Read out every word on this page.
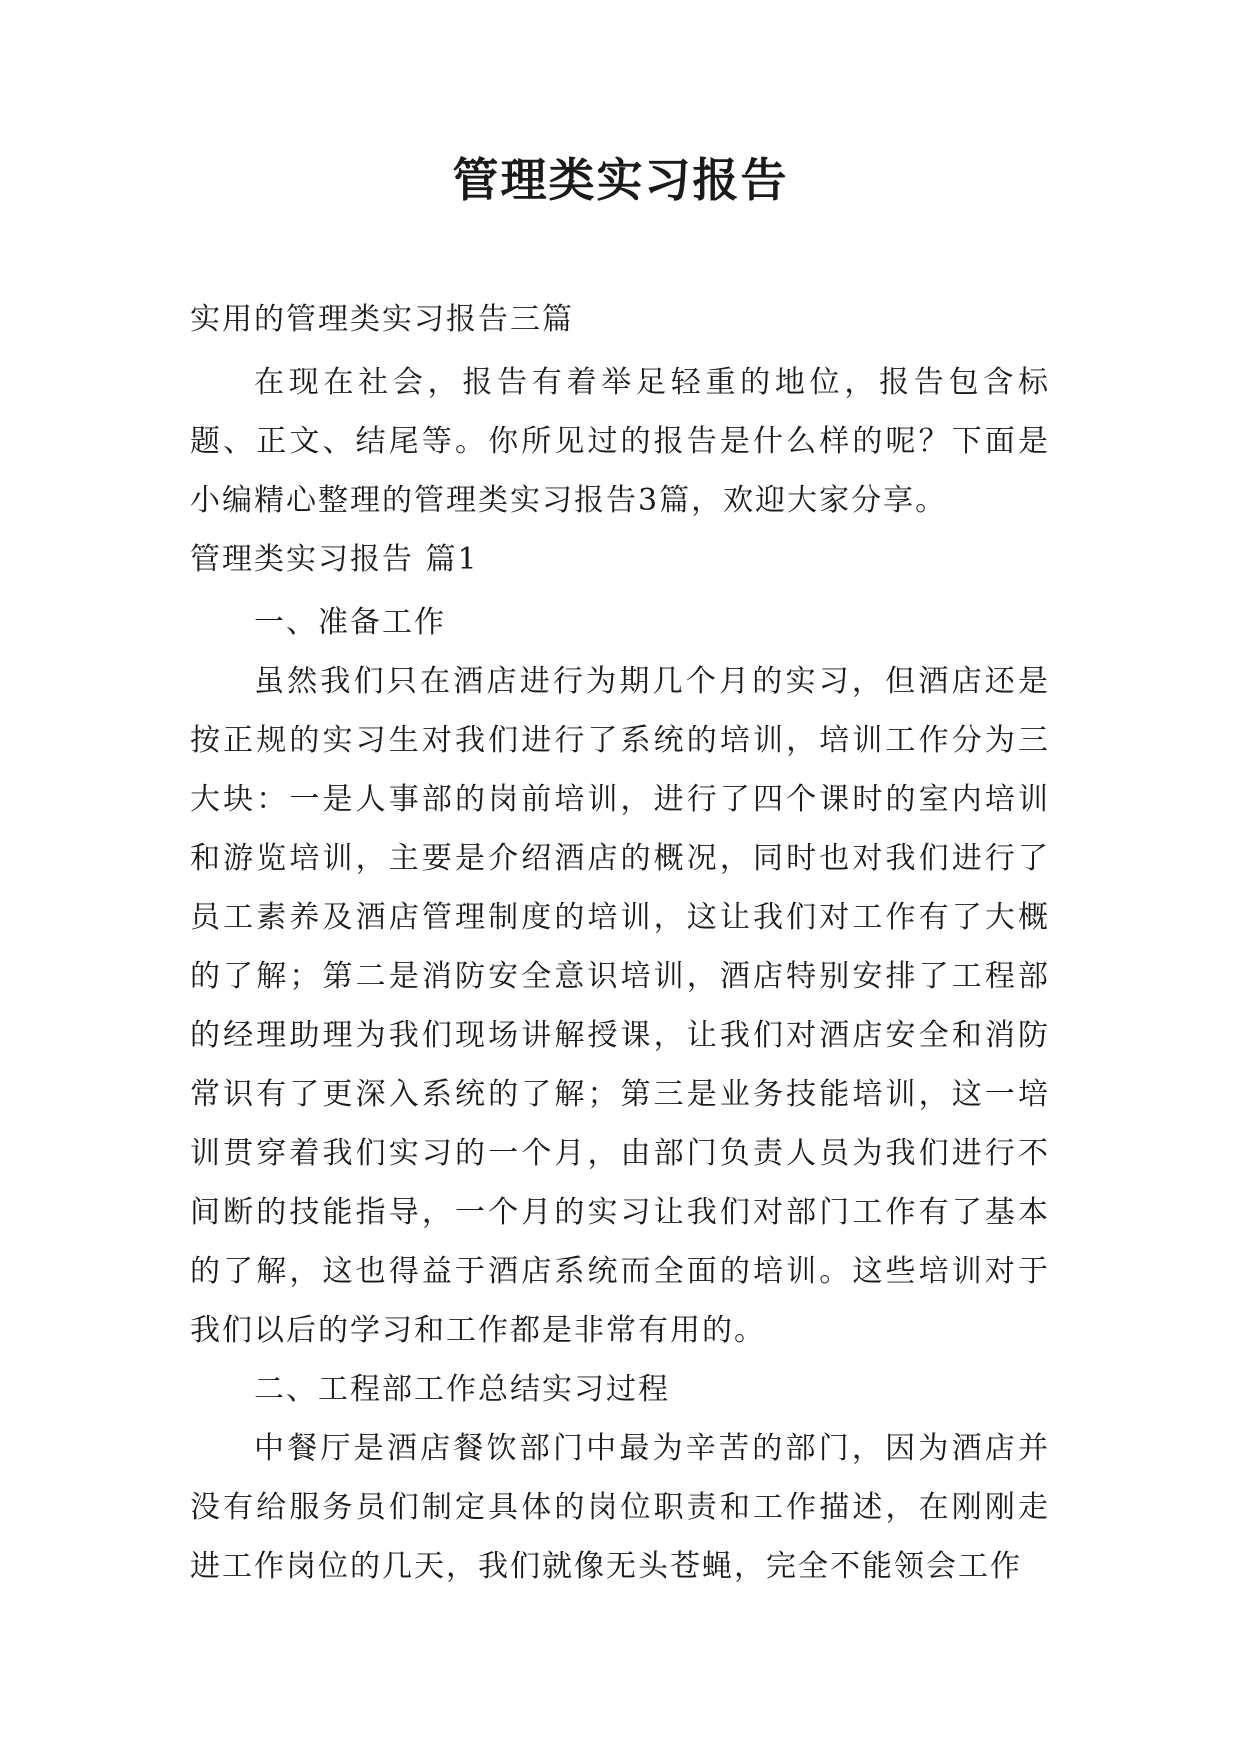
管理类实习报告

实用的管理类实习报告三篇

在现在社会，报告有着举足轻重的地位，报告包含标题、正文、结尾等。你所见过的报告是什么样的呢？下面是小编精心整理的管理类实习报告3篇，欢迎大家分享。

管理类实习报告 篇1

一、准备工作

虽然我们只在酒店进行为期几个月的实习，但酒店还是按正规的实习生对我们进行了系统的培训，培训工作分为三大块：一是人事部的岗前培训，进行了四个课时的室内培训和游览培训，主要是介绍酒店的概况，同时也对我们进行了员工素养及酒店管理制度的培训，这让我们对工作有了大概的了解；第二是消防安全意识培训，酒店特别安排了工程部的经理助理为我们现场讲解授课，让我们对酒店安全和消防常识有了更深入系统的了解；第三是业务技能培训，这一培训贯穿着我们实习的一个月，由部门负责人员为我们进行不间断的技能指导，一个月的实习让我们对部门工作有了基本的了解，这也得益于酒店系统而全面的培训。这些培训对于我们以后的学习和工作都是非常有用的。

二、工程部工作总结实习过程

中餐厅是酒店餐饮部门中最为辛苦的部门，因为酒店并没有给服务员们制定具体的岗位职责和工作描述，在刚刚走进工作岗位的几天，我们就像无头苍蝇，完全不能领会工作
